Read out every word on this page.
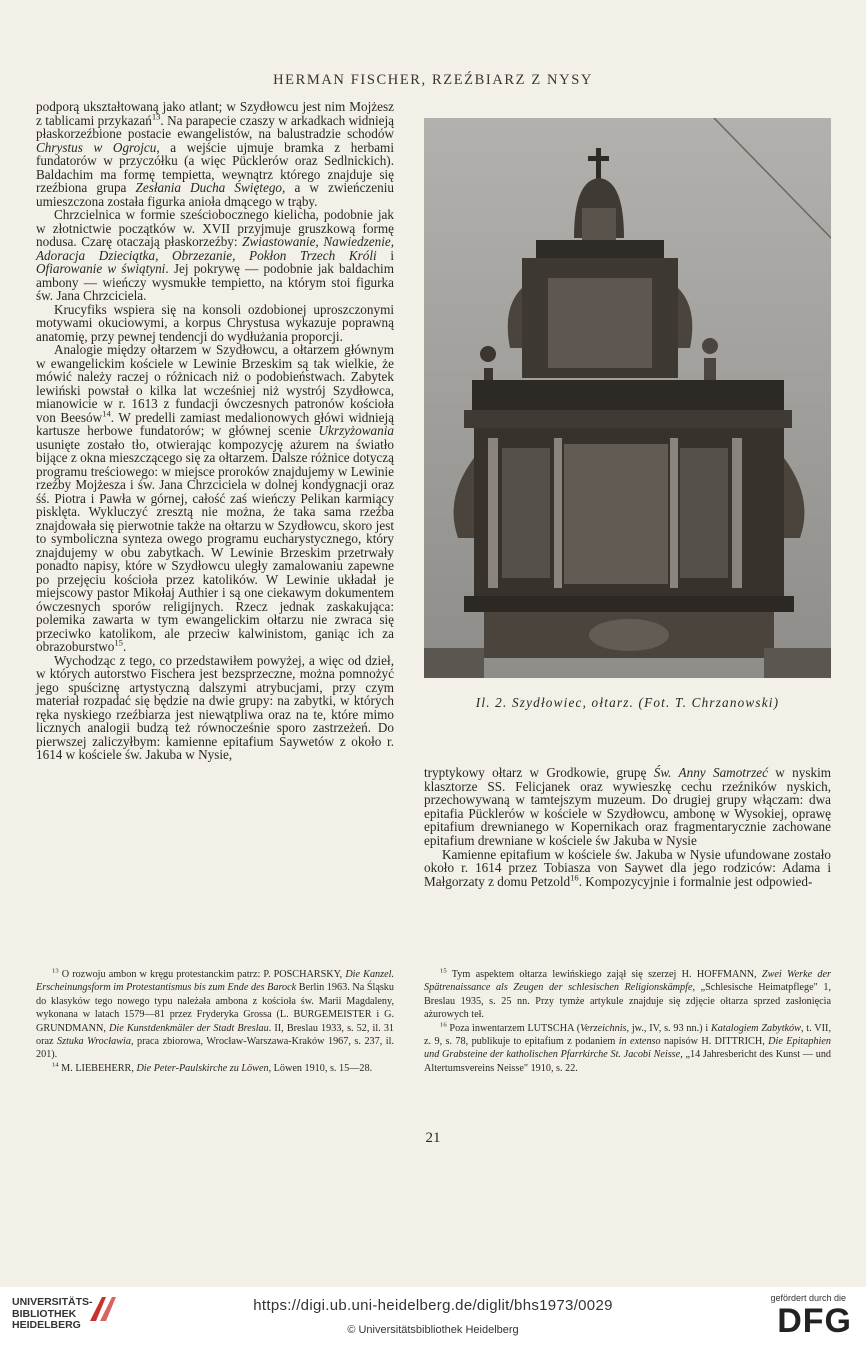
HERMAN FISCHER, RZEŹBIARZ Z NYSY

podporą ukształtowaną jako atlant; w Szydłowcu jest nim Mojżesz z tablicami przykazań$^{13}$. Na parapecie czaszy w arkadkach widnieją płaskorzeźbione postacie ewangelistów, na balustradzie schodów Chrystus w Ogrojcu, a wejście ujmuje bramka z herbami fundatorów w przyczółku (a więc Pücklerów oraz Sedlnickich). Baldachim ma formę tempietta, wewnątrz którego znajduje się rzeźbiona grupa Zesłania Ducha Świętego, a w zwieńczeniu umieszczona została figurka anioła dmącego w trąby.

Chrzcielnica w formie sześciobocznego kielicha, podobnie jak w złotnictwie początków w. XVII przyjmuje gruszkową formę nodusa. Czarę otaczają płaskorzeźby: Zwiastowanie, Nawiedzenie, Adoracja Dzieciątka, Obrzezanie, Pokłon Trzech Króli i Ofiarowanie w świątyni. Jej pokrywę — podobnie jak baldachim ambony — wieńczy wysmukłe tempietto, na którym stoi figurka św. Jana Chrzciciela.

Krucyfiks wspiera się na konsoli ozdobionej uproszczonymi motywami okuciowymi, a korpus Chrystusa wykazuje poprawną anatomię, przy pewnej tendencji do wydłużania proporcji.

Analogie między ołtarzem w Szydłowcu, a ołtarzem głównym w ewangelickim kościele w Lewinie Brzeskim są tak wielkie, że mówić należy raczej o różnicach niż o podobieństwach. Zabytek lewiński powstał o kilka lat wcześniej niż wystrój Szydłowca, mianowicie w r. 1613 z fundacji ówczesnych patronów kościoła von Beesów$^{14}$. W predelli zamiast medalionowych główi widnieją kartusze herbowe fundatorów; w głównej scenie Ukrzyżowania usunięte zostało tło, otwierając kompozycję ażurem na światło bijące z okna mieszczącego się za ołtarzem. Dalsze różnice dotyczą programu treściowego: w miejsce proroków znajdujemy w Lewinie rzeźby Mojżesza i św. Jana Chrzciciela w dolnej kondygnacji oraz śś. Piotra i Pawła w górnej, całość zaś wieńczy Pelikan karmiący pisklęta. Wykluczyć zresztą nie można, że taka sama rzeźba znajdowała się pierwotnie także na ołtarzu w Szydłowcu, skoro jest to symboliczna synteza owego programu eucharystycznego, który znajdujemy w obu zabytkach. W Lewinie Brzeskim przetrwały ponadto napisy, które w Szydłowcu uległy zamalowaniu zapewne po przejęciu kościoła przez katolików. W Lewinie układał je miejscowy pastor Mikołaj Authier i są one ciekawym dokumentem ówczesnych sporów religijnych. Rzecz jednak zaskakująca: polemika zawarta w tym ewangelickim ołtarzu nie zwraca się przeciwko katolikom, ale przeciw kalwinistom, ganiąc ich za obrazoburstwo$^{15}$.

Wychodząc z tego, co przedstawiłem powyżej, a więc od dzieł, w których autorstwo Fischera jest bezsprzeczne, można pomnożyć jego spuściznę artystyczną dalszymi atrybucjami, przy czym materiał rozpadać się będzie na dwie grupy: na zabytki, w których ręka nyskiego rzeźbiarza jest niewątpliwa oraz na te, które mimo licznych analogii budzą też równocześnie sporo zastrzeżeń. Do pierwszej zaliczyłbym: kamienne epitafium Saywetów z około r. 1614 w kościele św. Jakuba w Nysie,

Il. 2. Szydłowiec, ołtarz. (Fot. T. Chrzanowski)

tryptykowy ołtarz w Grodkowie, grupę Św. Anny Samotrzeć w nyskim klasztorze SS. Felicjanek oraz wywieszkę cechu rzeźników nyskich, przechowywaną w tamtejszym muzeum. Do drugiej grupy włączam: dwa epitafia Pücklerów w kościele w Szydłowcu, ambonę w Wysokiej, oprawę epitafium drewnianego w Kopernikach oraz fragmentarycznie zachowane epitafium drewniane w kościele św Jakuba w Nysie

Kamienne epitafium w kościele św. Jakuba w Nysie ufundowane zostało około r. 1614 przez Tobiasza von Saywet dla jego rodziców: Adama i Małgorzaty z domu Petzold$^{16}$. Kompozycyjnie i formalnie jest odpowied-

$^{13}$ O rozwoju ambon w kręgu protestanckim patrz: P. POSCHARSKY, Die Kanzel. Erscheinungsform im Protestantismus bis zum Ende des Barock Berlin 1963. Na Śląsku do klasyków tego nowego typu należała ambona z kościoła św. Marii Magdaleny, wykonana w latach 1579—81 przez Fryderyka Grossa (L. BURGEMEISTER i G. GRUNDMANN, Die Kunstdenkmäler der Stadt Breslau. II, Breslau 1933, s. 52, il. 31 oraz Sztuka Wrocławia, praca zbiorowa, Wrocław-Warszawa-Kraków 1967, s. 237, il. 201).

$^{14}$ M. LIEBEHERR, Die Peter-Paulskirche zu Löwen, Löwen 1910, s. 15—28.

$^{15}$ Tym aspektem ołtarza lewińskiego zajął się szerzej H. HOFFMANN, Zwei Werke der Spätrenaissance als Zeugen der schlesischen Religionskämpfe, „Schlesische Heimatpflege" 1, Breslau 1935, s. 25 nn. Przy tymże artykule znajduje się zdjęcie ołtarza sprzed zasłonięcia ażurowych teł.

$^{16}$ Poza inwentarzem LUTSCHA (Verzeichnis, jw., IV, s. 93 nn.) i Katalogiem Zabytków, t. VII, z. 9, s. 78, publikuje to epitafium z podaniem in extenso napisów H. DITTRICH, Die Epitaphien und Grabsteine der katholischen Pfarrkirche St. Jacobi Neisse, „14 Jahresbericht des Kunst — und Altertumsvereins Neisse" 1910, s. 22.

21
UNIVERSITÄTS-
BIBLIOTHEK
HEIDELBERG
https://digi.ub.uni-heidelberg.de/diglit/bhs1973/0029
© Universitätsbibliothek Heidelberg
gefördert durch die
DFG
